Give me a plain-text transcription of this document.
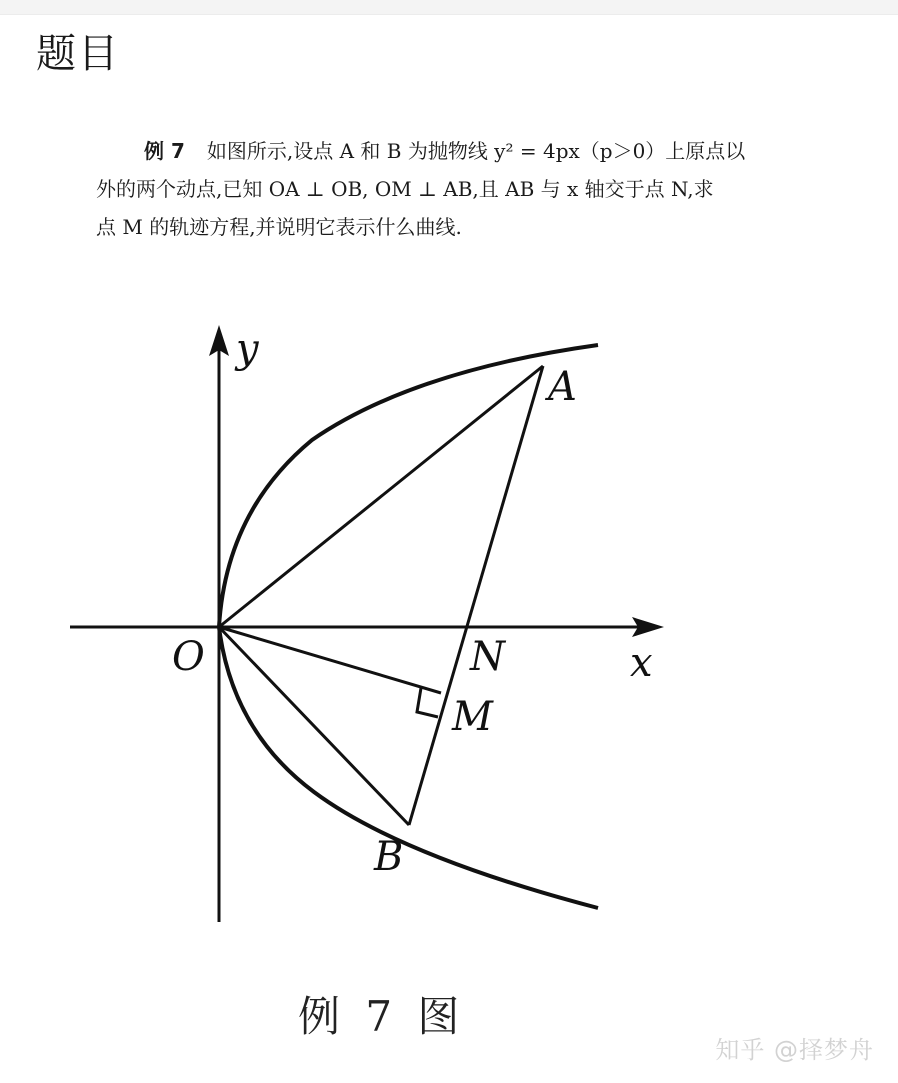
题目
例 7 如图所示,设点 A 和 B 为抛物线 y² = 4px（p＞0）上原点以
外的两个动点,已知 OA ⊥ OB, OM ⊥ AB,且 AB 与 x 轴交于点 N,求
点 M 的轨迹方程,并说明它表示什么曲线.
y
x
O
A
N
M
B
例 7 图
知乎 @择梦舟
